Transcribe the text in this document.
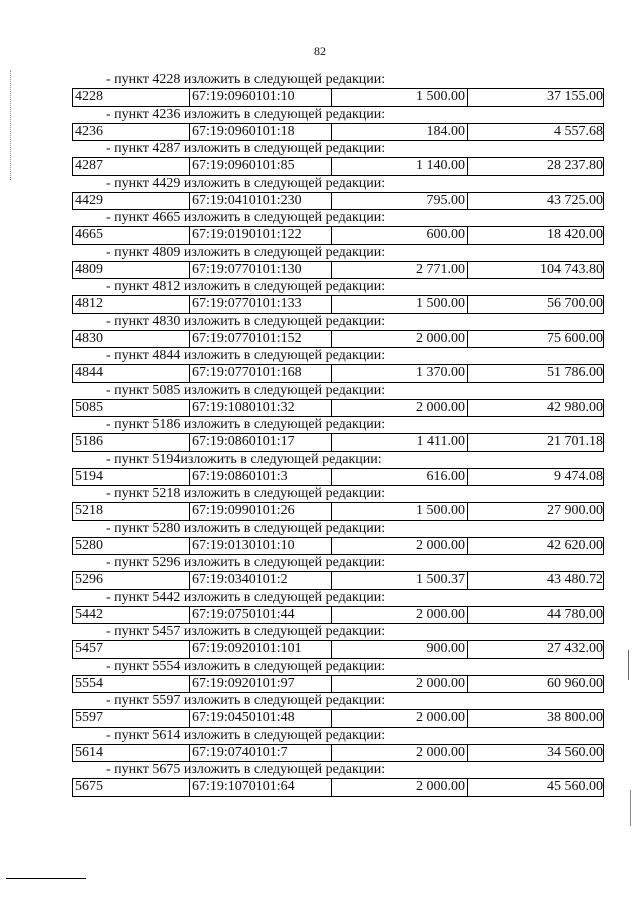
82
- пункт 4228 изложить в следующей редакции:
4228	67:19:0960101:10	1 500.00	37 155.00
- пункт 4236 изложить в следующей редакции:
4236	67:19:0960101:18	184.00	4 557.68
- пункт 4287 изложить в следующей редакции:
4287	67:19:0960101:85	1 140.00	28 237.80
- пункт 4429 изложить в следующей редакции:
4429	67:19:0410101:230	795.00	43 725.00
- пункт 4665 изложить в следующей редакции:
4665	67:19:0190101:122	600.00	18 420.00
- пункт 4809 изложить в следующей редакции:
4809	67:19:0770101:130	2 771.00	104 743.80
- пункт 4812 изложить в следующей редакции:
4812	67:19:0770101:133	1 500.00	56 700.00
- пункт 4830 изложить в следующей редакции:
4830	67:19:0770101:152	2 000.00	75 600.00
- пункт 4844 изложить в следующей редакции:
4844	67:19:0770101:168	1 370.00	51 786.00
- пункт 5085 изложить в следующей редакции:
5085	67:19:1080101:32	2 000.00	42 980.00
- пункт 5186 изложить в следующей редакции:
5186	67:19:0860101:17	1 411.00	21 701.18
- пункт 5194изложить в следующей редакции:
5194	67:19:0860101:3	616.00	9 474.08
- пункт 5218 изложить в следующей редакции:
5218	67:19:0990101:26	1 500.00	27 900.00
- пункт 5280 изложить в следующей редакции:
5280	67:19:0130101:10	2 000.00	42 620.00
- пункт 5296 изложить в следующей редакции:
5296	67:19:0340101:2	1 500.37	43 480.72
- пункт 5442 изложить в следующей редакции:
5442	67:19:0750101:44	2 000.00	44 780.00
- пункт 5457 изложить в следующей редакции:
5457	67:19:0920101:101	900.00	27 432.00
- пункт 5554 изложить в следующей редакции:
5554	67:19:0920101:97	2 000.00	60 960.00
- пункт 5597 изложить в следующей редакции:
5597	67:19:0450101:48	2 000.00	38 800.00
- пункт 5614 изложить в следующей редакции:
5614	67:19:0740101:7	2 000.00	34 560.00
- пункт 5675 изложить в следующей редакции:
5675	67:19:1070101:64	2 000.00	45 560.00
